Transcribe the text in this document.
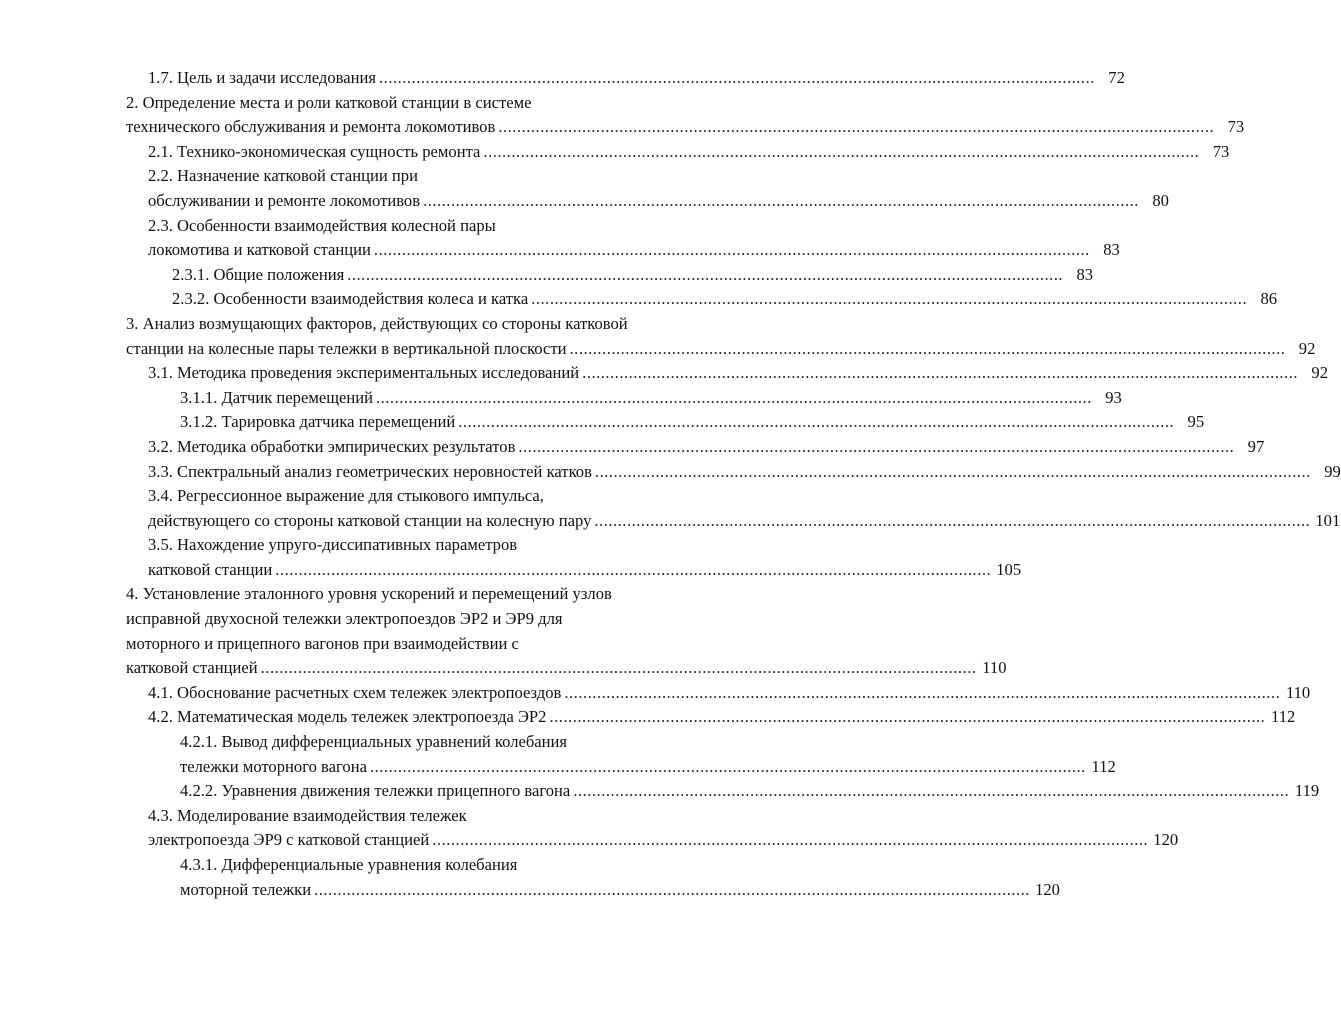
1.7. Цель и задачи исследования .......................................................................................................................................................... 72
2. Определение места и роли катковой станции в системе
технического обслуживания и ремонта локомотивов .......................................................................................................................................................... 73
2.1. Технико-экономическая сущность ремонта .......................................................................................................................................................... 73
2.2. Назначение катковой станции при
обслуживании и ремонте локомотивов .......................................................................................................................................................... 80
2.3. Особенности взаимодействия колесной пары
локомотива и катковой станции .......................................................................................................................................................... 83
2.3.1. Общие положения .......................................................................................................................................................... 83
2.3.2. Особенности взаимодействия колеса и катка .......................................................................................................................................................... 86
3. Анализ возмущающих факторов, действующих со стороны катковой
станции на колесные пары тележки в вертикальной плоскости .......................................................................................................................................................... 92
3.1. Методика проведения экспериментальных исследований .......................................................................................................................................................... 92
3.1.1. Датчик перемещений .......................................................................................................................................................... 93
3.1.2. Тарировка датчика перемещений .......................................................................................................................................................... 95
3.2. Методика обработки эмпирических результатов .......................................................................................................................................................... 97
3.3. Спектральный анализ геометрических неровностей катков .......................................................................................................................................................... 99
3.4. Регрессионное выражение для стыкового импульса,
действующего со стороны катковой станции на колесную пару .......................................................................................................................................................... 101
3.5. Нахождение упруго-диссипативных параметров
катковой станции .......................................................................................................................................................... 105
4. Установление эталонного уровня ускорений и перемещений узлов
исправной двухосной тележки электропоездов ЭР2 и ЭР9 для
моторного и прицепного вагонов при взаимодействии с
катковой станцией .......................................................................................................................................................... 110
4.1. Обоснование расчетных схем тележек электропоездов .......................................................................................................................................................... 110
4.2. Математическая модель тележек электропоезда ЭР2 .......................................................................................................................................................... 112
4.2.1. Вывод дифференциальных уравнений колебания
тележки моторного вагона .......................................................................................................................................................... 112
4.2.2. Уравнения движения тележки прицепного вагона .......................................................................................................................................................... 119
4.3. Моделирование взаимодействия тележек
электропоезда ЭР9 с катковой станцией .......................................................................................................................................................... 120
4.3.1. Дифференциальные уравнения колебания
моторной тележки .......................................................................................................................................................... 120
